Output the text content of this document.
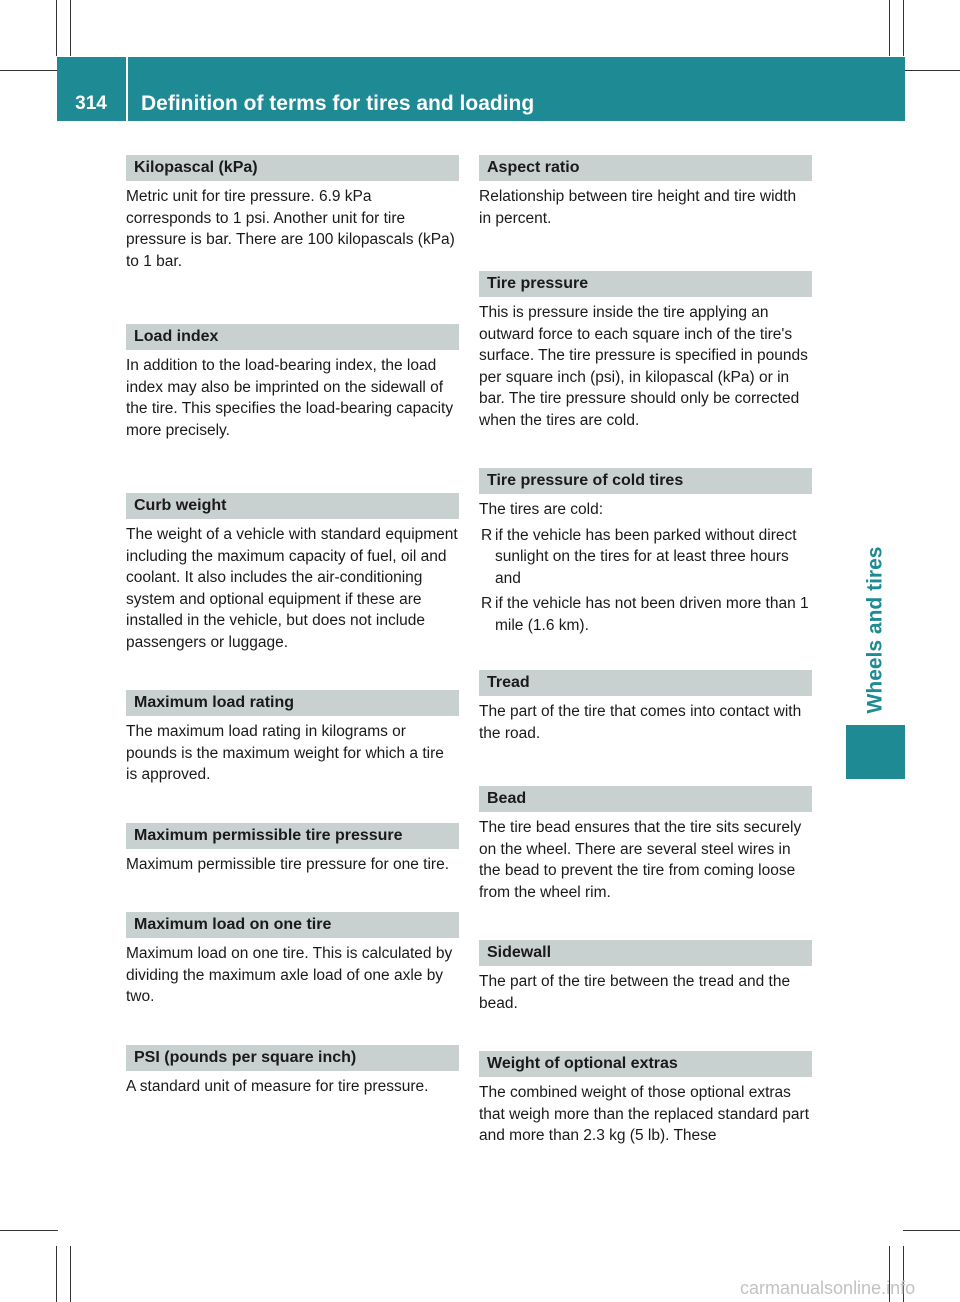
314	Definition of terms for tires and loading
Wheels and tires
Kilopascal (kPa)
Metric unit for tire pressure. 6.9 kPa corresponds to 1 psi. Another unit for tire pressure is bar. There are 100 kilopascals (kPa) to 1 bar.
Load index
In addition to the load-bearing index, the load index may also be imprinted on the sidewall of the tire. This specifies the load-bearing capacity more precisely.
Curb weight
The weight of a vehicle with standard equipment including the maximum capacity of fuel, oil and coolant. It also includes the air-conditioning system and optional equipment if these are installed in the vehicle, but does not include passengers or luggage.
Maximum load rating
The maximum load rating in kilograms or pounds is the maximum weight for which a tire is approved.
Maximum permissible tire pressure
Maximum permissible tire pressure for one tire.
Maximum load on one tire
Maximum load on one tire. This is calculated by dividing the maximum axle load of one axle by two.
PSI (pounds per square inch)
A standard unit of measure for tire pressure.
Aspect ratio
Relationship between tire height and tire width in percent.
Tire pressure
This is pressure inside the tire applying an outward force to each square inch of the tire's surface. The tire pressure is specified in pounds per square inch (psi), in kilopascal (kPa) or in bar. The tire pressure should only be corrected when the tires are cold.
Tire pressure of cold tires
The tires are cold:
R if the vehicle has been parked without direct sunlight on the tires for at least three hours and
R if the vehicle has not been driven more than 1 mile (1.6 km).
Tread
The part of the tire that comes into contact with the road.
Bead
The tire bead ensures that the tire sits securely on the wheel. There are several steel wires in the bead to prevent the tire from coming loose from the wheel rim.
Sidewall
The part of the tire between the tread and the bead.
Weight of optional extras
The combined weight of those optional extras that weigh more than the replaced standard part and more than 2.3 kg (5 lb). These
carmanualsonline.info
